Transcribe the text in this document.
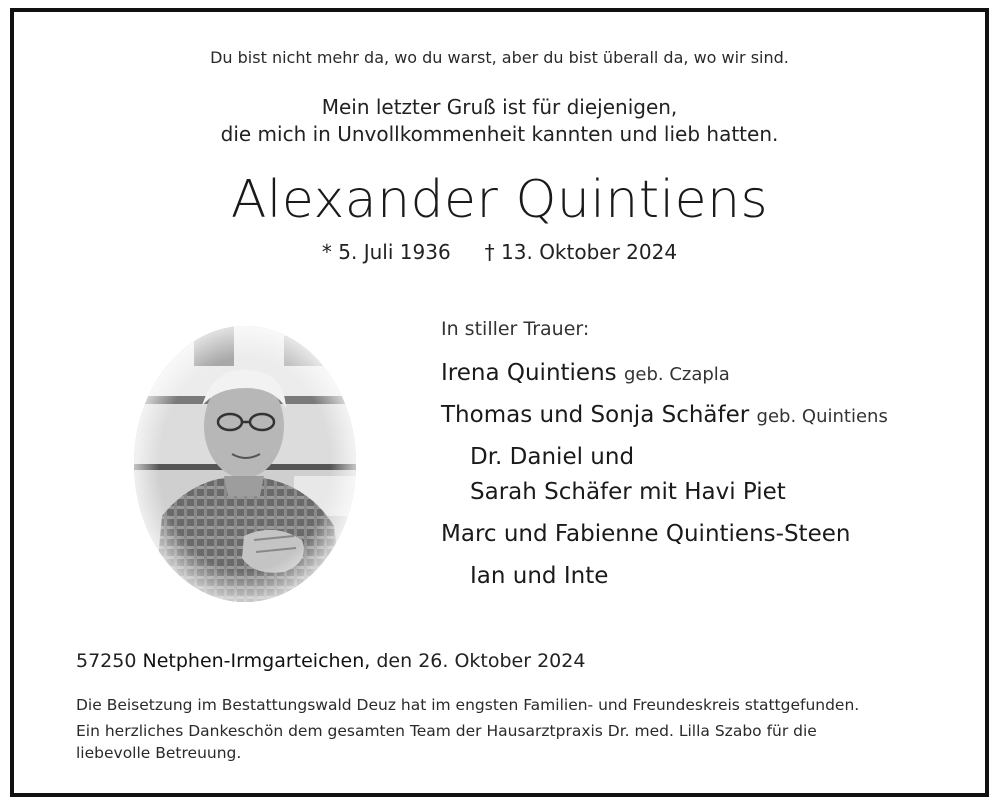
Du bist nicht mehr da, wo du warst, aber du bist überall da, wo wir sind.
Mein letzter Gruß ist für diejenigen,
die mich in Unvollkommenheit kannten und lieb hatten.
Alexander Quintiens
* 5. Juli 1936 † 13. Oktober 2024
In stiller Trauer:
Irena Quintiens geb. Czapla
Thomas und Sonja Schäfer geb. Quintiens
Dr. Daniel und
Sarah Schäfer mit Havi Piet
Marc und Fabienne Quintiens-Steen
Ian und Inte
57250 Netphen-Irmgarteichen, den 26. Oktober 2024
Die Beisetzung im Bestattungswald Deuz hat im engsten Familien- und Freundeskreis stattgefunden.
Ein herzliches Dankeschön dem gesamten Team der Hausarztpraxis Dr. med. Lilla Szabo für die
liebevolle Betreuung.
